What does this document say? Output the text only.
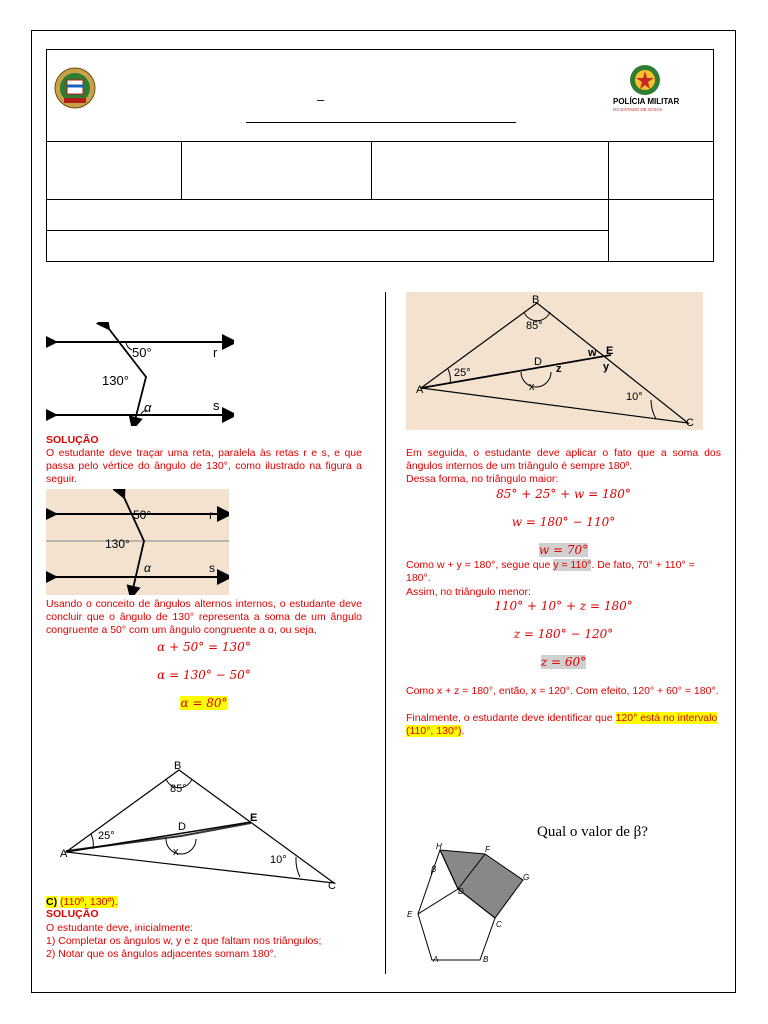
–	POLÍCIA MILITAR
DO ESTADO DE GOIÁS
50°
130°
α
r
s
SOLUÇÃO
O estudante deve traçar uma reta, paralela às retas r e s, e que passa pelo vértice do ângulo de 130°, como ilustrado na figura a seguir.
50°
130°
α
r
s
Usando o conceito de ângulos alternos internos, o estudante deve concluir que o ângulo de 130° representa a soma de um ângulo congruente a 50° com um ângulo congruente a α, ou seja,
α + 50° = 130°
α = 130° − 50°
α = 80°
B
85°
A
25°
D
E
x
10°
C
C) (110º, 130º).
SOLUÇÃO
O estudante deve, inicialmente:
1) Completar os ângulos w, y e z que faltam nos triângulos;
2) Notar que os ângulos adjacentes somam 180°.
B
85°
A
25°
D
E
w
y
z
x
10°
C
Em seguida, o estudante deve aplicar o fato que a soma dos ângulos internos de um triângulo é sempre 180º.
Dessa forma, no triângulo maior:
85° + 25° + w = 180°
w = 180° − 110°
w = 70°
Como w + y = 180°, segue que y = 110°. De fato, 70° + 110° = 180°.
Assim, no triângulo menor:
110° + 10° + z = 180°
z = 180° − 120°
z = 60°
Como x + z = 180°, então, x = 120°. Com efeito, 120° + 60° = 180°.
Finalmente, o estudante deve identificar que 120° está no intervalo (110°, 130°).
Qual o valor de β?
H	F
G
β
D
E
C
A	B
